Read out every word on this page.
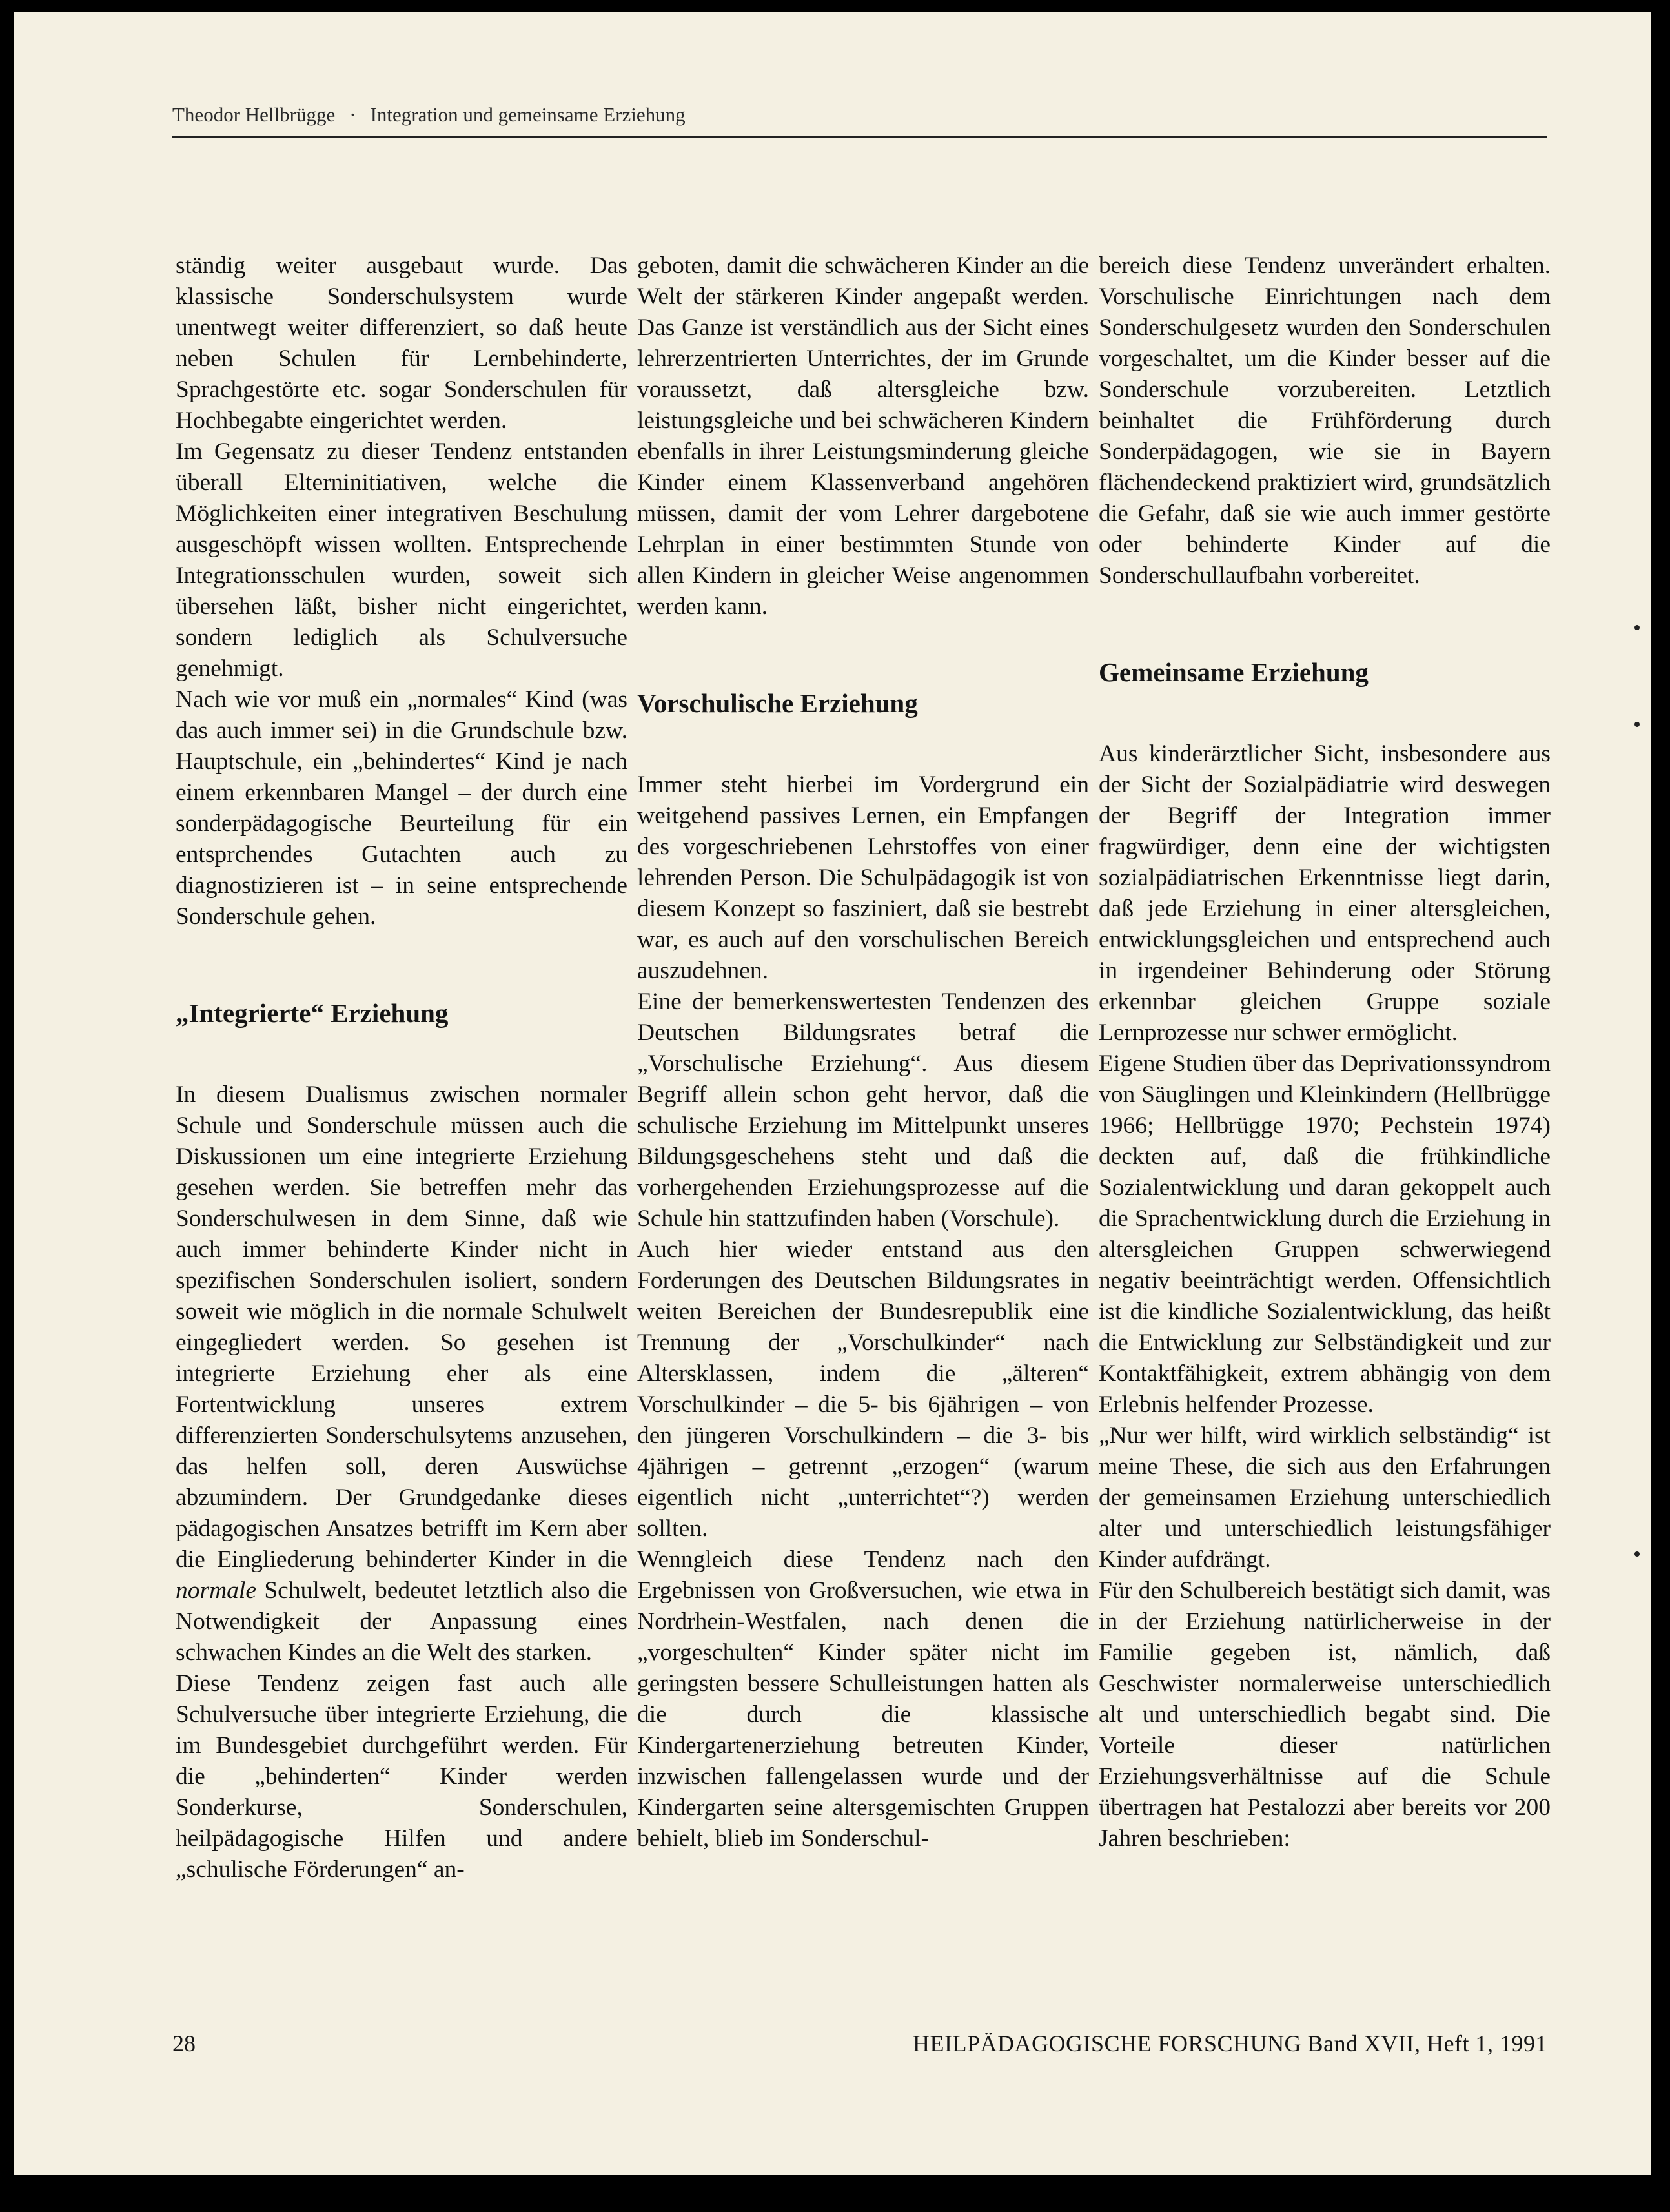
Theodor Hellbrügge · Integration und gemeinsame Erziehung

ständig weiter ausgebaut wurde. Das klassische Sonderschulsystem wurde unentwegt weiter differenziert, so daß heute neben Schulen für Lernbehinderte, Sprachgestörte etc. sogar Sonderschulen für Hochbegabte eingerichtet werden.

Im Gegensatz zu dieser Tendenz entstanden überall Elterninitiativen, welche die Möglichkeiten einer integrativen Beschulung ausgeschöpft wissen wollten. Entsprechende Integrationsschulen wurden, soweit sich übersehen läßt, bisher nicht eingerichtet, sondern lediglich als Schulversuche genehmigt.

Nach wie vor muß ein „normales“ Kind (was das auch immer sei) in die Grundschule bzw. Hauptschule, ein „behindertes“ Kind je nach einem erkennbaren Mangel – der durch eine sonderpädagogische Beurteilung für ein entsprchendes Gutachten auch zu diagnostizieren ist – in seine entsprechende Sonderschule gehen.

„Integrierte“ Erziehung

In diesem Dualismus zwischen normaler Schule und Sonderschule müssen auch die Diskussionen um eine integrierte Erziehung gesehen werden. Sie betreffen mehr das Sonderschulwesen in dem Sinne, daß wie auch immer behinderte Kinder nicht in spezifischen Sonderschulen isoliert, sondern soweit wie möglich in die normale Schulwelt eingegliedert werden. So gesehen ist integrierte Erziehung eher als eine Fortentwicklung unseres extrem differenzierten Sonderschulsytems anzusehen, das helfen soll, deren Auswüchse abzumindern. Der Grundgedanke dieses pädagogischen Ansatzes betrifft im Kern aber die Eingliederung behinderter Kinder in die normale Schulwelt, bedeutet letztlich also die Notwendigkeit der Anpassung eines schwachen Kindes an die Welt des starken.

Diese Tendenz zeigen fast auch alle Schulversuche über integrierte Erziehung, die im Bundesgebiet durchgeführt werden. Für die „behinderten“ Kinder werden Sonderkurse, Sonderschulen, heilpädagogische Hilfen und andere „schulische Förderungen“ an-

geboten, damit die schwächeren Kinder an die Welt der stärkeren Kinder angepaßt werden. Das Ganze ist verständlich aus der Sicht eines lehrerzentrierten Unterrichtes, der im Grunde voraussetzt, daß altersgleiche bzw. leistungsgleiche und bei schwächeren Kindern ebenfalls in ihrer Leistungsminderung gleiche Kinder einem Klassenverband angehören müssen, damit der vom Lehrer dargebotene Lehrplan in einer bestimmten Stunde von allen Kindern in gleicher Weise angenommen werden kann.

Vorschulische Erziehung

Immer steht hierbei im Vordergrund ein weitgehend passives Lernen, ein Empfangen des vorgeschriebenen Lehrstoffes von einer lehrenden Person. Die Schulpädagogik ist von diesem Konzept so fasziniert, daß sie bestrebt war, es auch auf den vorschulischen Bereich auszudehnen.

Eine der bemerkenswertesten Tendenzen des Deutschen Bildungsrates betraf die „Vorschulische Erziehung“. Aus diesem Begriff allein schon geht hervor, daß die schulische Erziehung im Mittelpunkt unseres Bildungsgeschehens steht und daß die vorhergehenden Erziehungsprozesse auf die Schule hin stattzufinden haben (Vorschule).

Auch hier wieder entstand aus den Forderungen des Deutschen Bildungsrates in weiten Bereichen der Bundesrepublik eine Trennung der „Vorschulkinder“ nach Altersklassen, indem die „älteren“ Vorschulkinder – die 5- bis 6jährigen – von den jüngeren Vorschulkindern – die 3- bis 4jährigen – getrennt „erzogen“ (warum eigentlich nicht „unterrichtet“?) werden sollten.

Wenngleich diese Tendenz nach den Ergebnissen von Großversuchen, wie etwa in Nordrhein-Westfalen, nach denen die „vorgeschulten“ Kinder später nicht im geringsten bessere Schulleistungen hatten als die durch die klassische Kindergartenerziehung betreuten Kinder, inzwischen fallengelassen wurde und der Kindergarten seine altersgemischten Gruppen behielt, blieb im Sonderschul-

bereich diese Tendenz unverändert erhalten. Vorschulische Einrichtungen nach dem Sonderschulgesetz wurden den Sonderschulen vorgeschaltet, um die Kinder besser auf die Sonderschule vorzubereiten. Letztlich beinhaltet die Frühförderung durch Sonderpädagogen, wie sie in Bayern flächendeckend praktiziert wird, grundsätzlich die Gefahr, daß sie wie auch immer gestörte oder behinderte Kinder auf die Sonderschullaufbahn vorbereitet.

Gemeinsame Erziehung

Aus kinderärztlicher Sicht, insbesondere aus der Sicht der Sozialpädiatrie wird deswegen der Begriff der Integration immer fragwürdiger, denn eine der wichtigsten sozialpädiatrischen Erkenntnisse liegt darin, daß jede Erziehung in einer altersgleichen, entwicklungsgleichen und entsprechend auch in irgendeiner Behinderung oder Störung erkennbar gleichen Gruppe soziale Lernprozesse nur schwer ermöglicht.

Eigene Studien über das Deprivationssyndrom von Säuglingen und Kleinkindern (Hellbrügge 1966; Hellbrügge 1970; Pechstein 1974) deckten auf, daß die frühkindliche Sozialentwicklung und daran gekoppelt auch die Sprachentwicklung durch die Erziehung in altersgleichen Gruppen schwerwiegend negativ beeinträchtigt werden. Offensichtlich ist die kindliche Sozialentwicklung, das heißt die Entwicklung zur Selbständigkeit und zur Kontaktfähigkeit, extrem abhängig von dem Erlebnis helfender Prozesse.

„Nur wer hilft, wird wirklich selbständig“ ist meine These, die sich aus den Erfahrungen der gemeinsamen Erziehung unterschiedlich alter und unterschiedlich leistungsfähiger Kinder aufdrängt.

Für den Schulbereich bestätigt sich damit, was in der Erziehung natürlicherweise in der Familie gegeben ist, nämlich, daß Geschwister normalerweise unterschiedlich alt und unterschiedlich begabt sind. Die Vorteile dieser natürlichen Erziehungsverhältnisse auf die Schule übertragen hat Pestalozzi aber bereits vor 200 Jahren beschrieben:

28	HEILPÄDAGOGISCHE FORSCHUNG Band XVII, Heft 1, 1991
